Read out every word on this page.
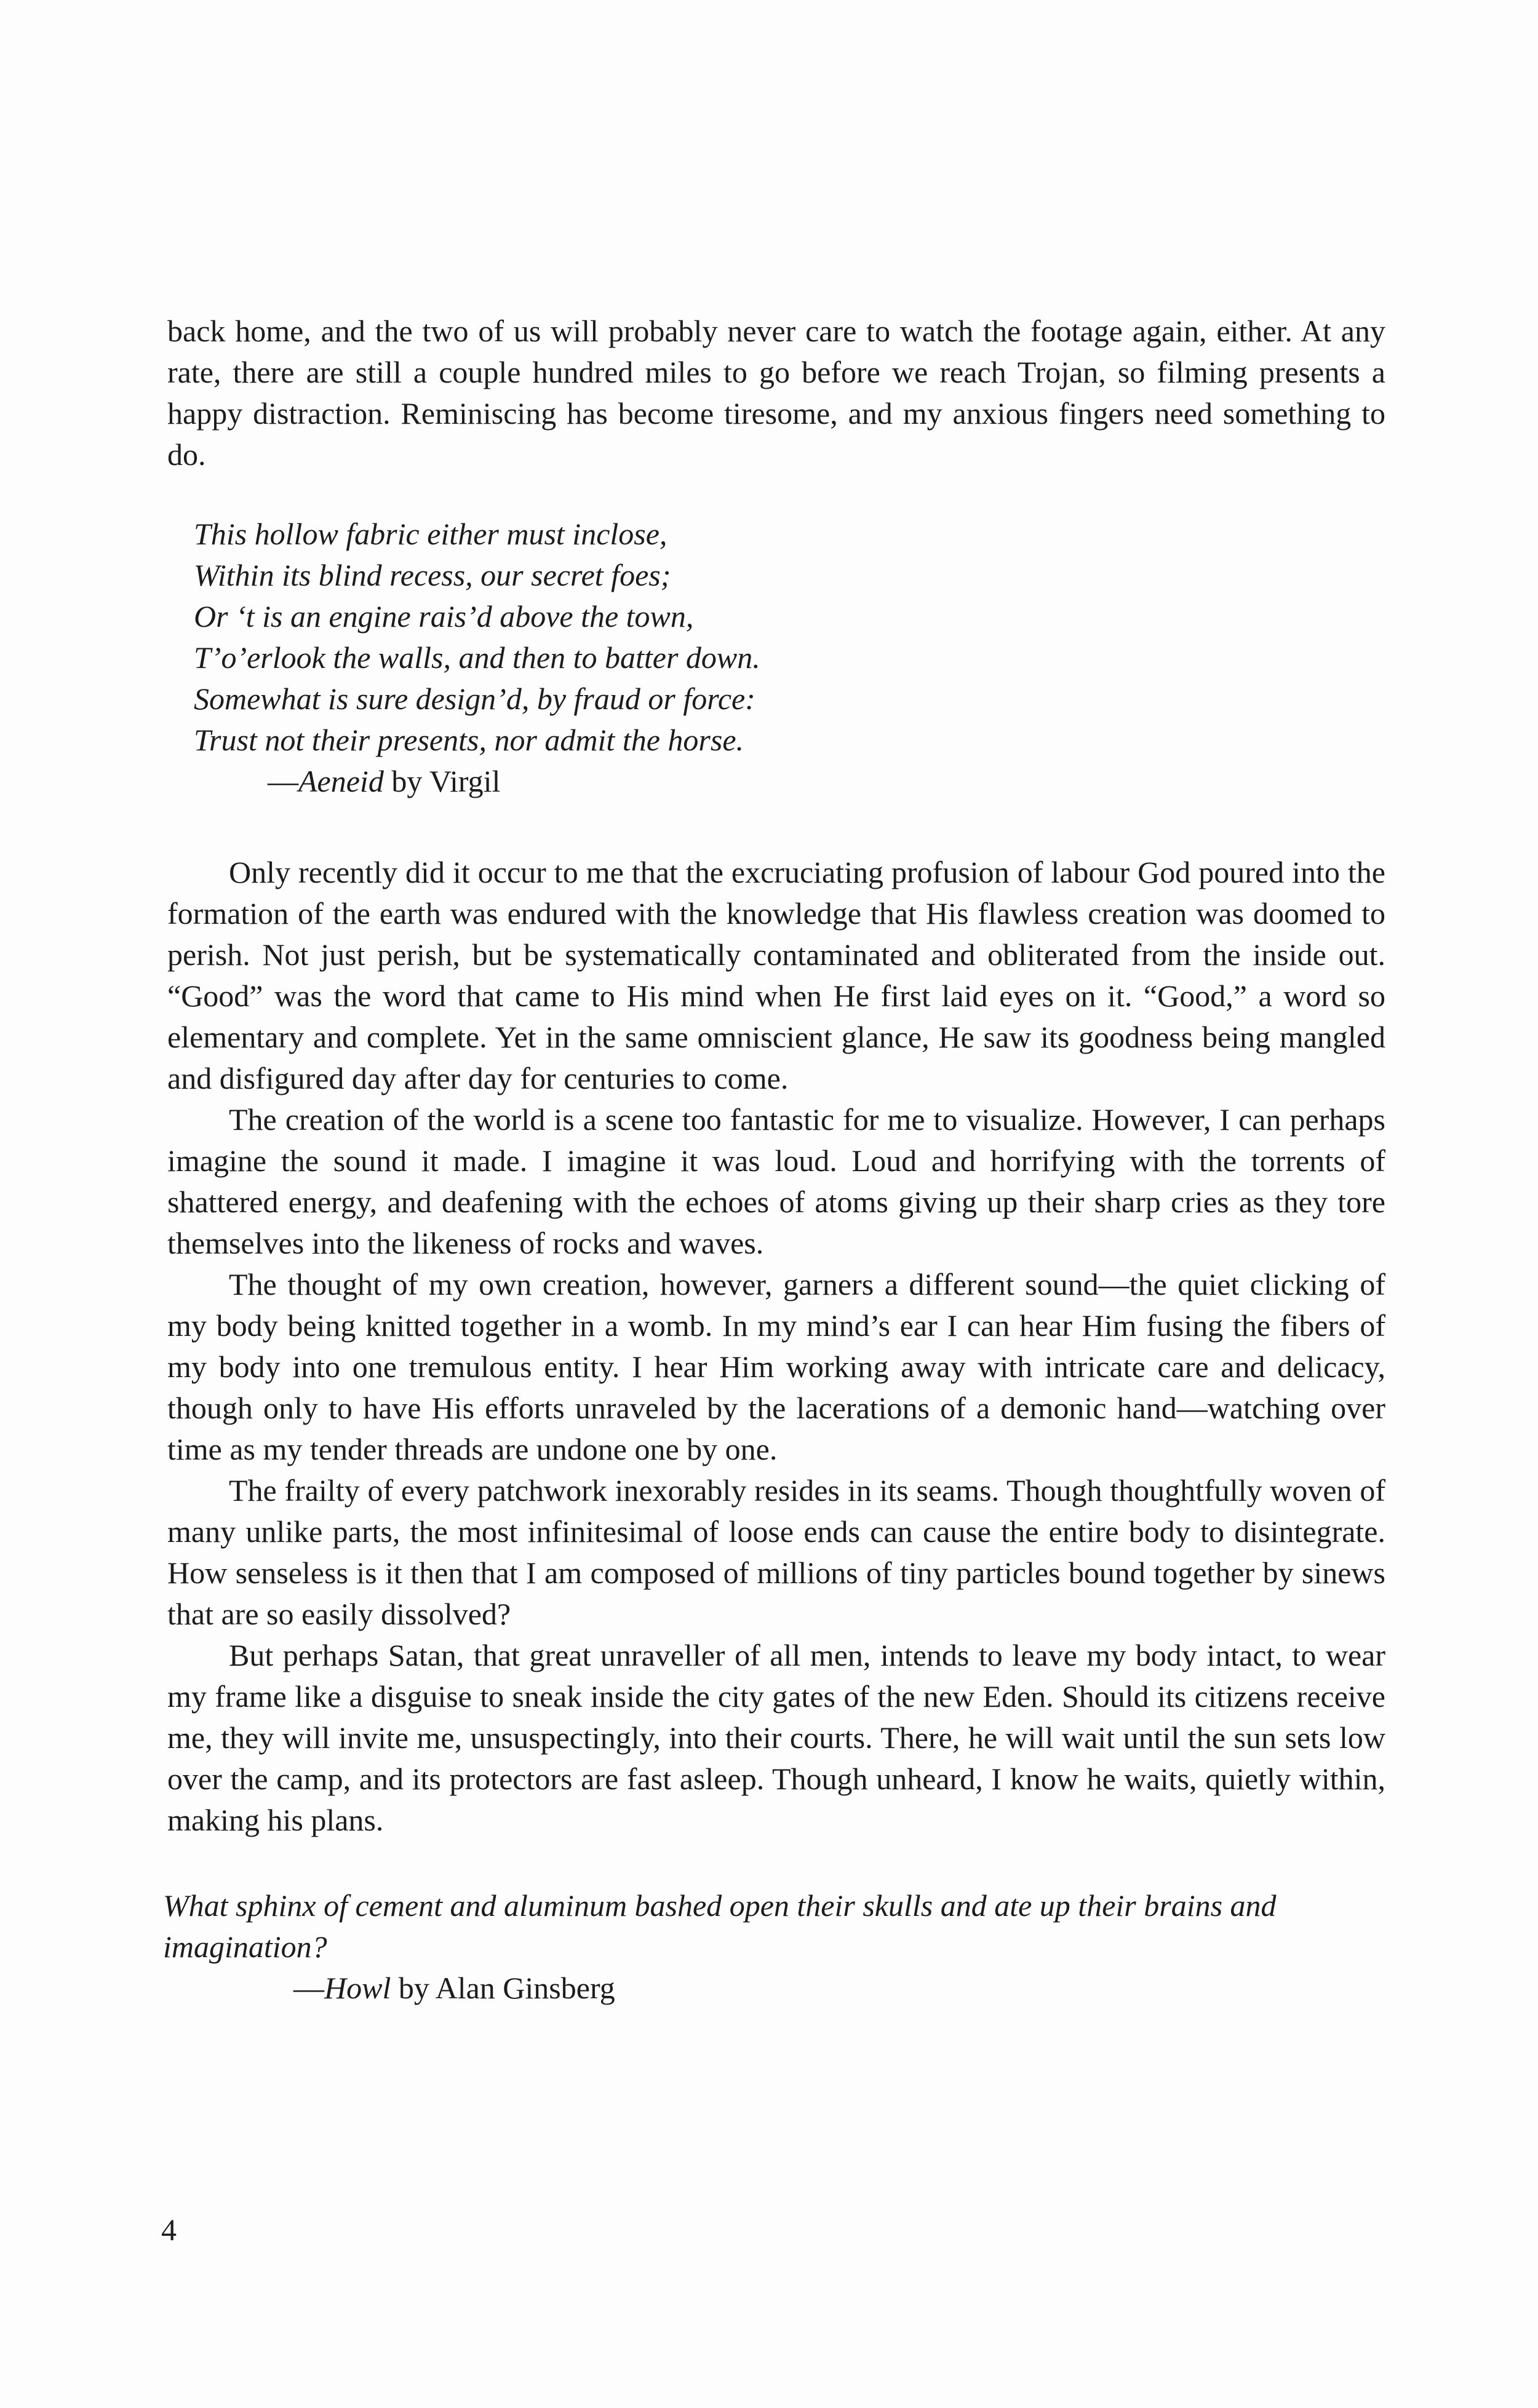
back home, and the two of us will probably never care to watch the footage again, either. At any rate, there are still a couple hundred miles to go before we reach Trojan, so filming presents a happy distraction. Reminiscing has become tiresome, and my anxious fingers need something to do.

This hollow fabric either must inclose,

Within its blind recess, our secret foes;

Or ‘t is an engine rais’d above the town,

T’o’erlook the walls, and then to batter down.

Somewhat is sure design’d, by fraud or force:

Trust not their presents, nor admit the horse.

—Aeneid by Virgil

Only recently did it occur to me that the excruciating profusion of labour God poured into the formation of the earth was endured with the knowledge that His flawless creation was doomed to perish. Not just perish, but be systematically contaminated and obliterated from the inside out. “Good” was the word that came to His mind when He first laid eyes on it. “Good,” a word so elementary and complete. Yet in the same omniscient glance, He saw its goodness being mangled and disfigured day after day for centuries to come.

The creation of the world is a scene too fantastic for me to visualize. However, I can perhaps imagine the sound it made. I imagine it was loud. Loud and horrifying with the torrents of shattered energy, and deafening with the echoes of atoms giving up their sharp cries as they tore themselves into the likeness of rocks and waves.

The thought of my own creation, however, garners a different sound—the quiet clicking of my body being knitted together in a womb. In my mind’s ear I can hear Him fusing the fibers of my body into one tremulous entity. I hear Him working away with intricate care and delicacy, though only to have His efforts unraveled by the lacerations of a demonic hand—watching over time as my tender threads are undone one by one.

The frailty of every patchwork inexorably resides in its seams. Though thoughtfully woven of many unlike parts, the most infinitesimal of loose ends can cause the entire body to disintegrate. How senseless is it then that I am composed of millions of tiny particles bound together by sinews that are so easily dissolved?

But perhaps Satan, that great unraveller of all men, intends to leave my body intact, to wear my frame like a disguise to sneak inside the city gates of the new Eden. Should its citizens receive me, they will invite me, unsuspectingly, into their courts. There, he will wait until the sun sets low over the camp, and its protectors are fast asleep. Though unheard, I know he waits, quietly within, making his plans.

What sphinx of cement and aluminum bashed open their skulls and ate up their brains and imagination?

—Howl by Alan Ginsberg

4
